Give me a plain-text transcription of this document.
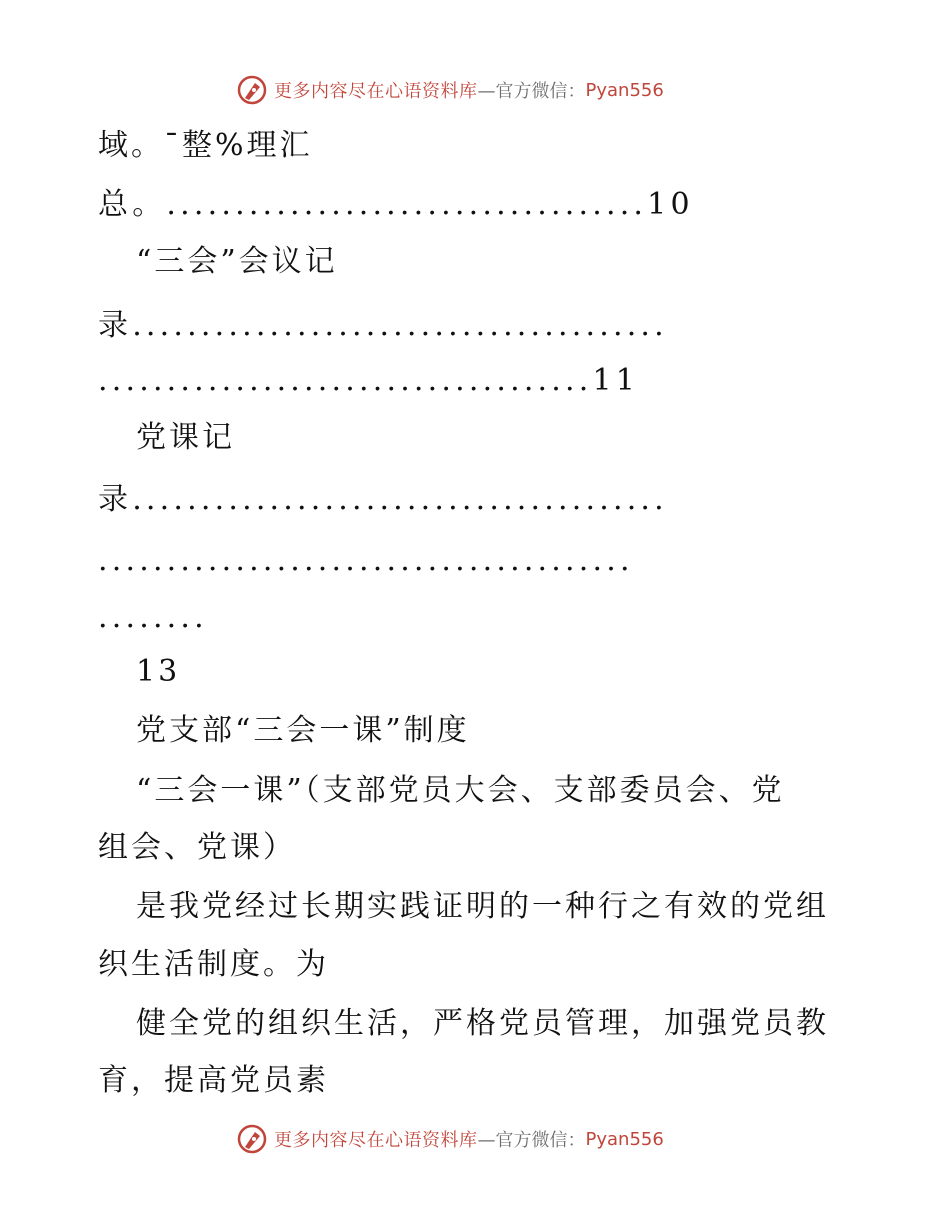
更多内容尽在心语资料库 —官方微信： Pyan556
域。¯整%理汇
总。...................................10
“三会”会议记
录.......................................
....................................11
党课记
录.......................................
.......................................
........
13
党支部“三会一课”制度
“三会一课”（支部党员大会、支部委员会、党
组会、党课）
是我党经过长期实践证明的一种行之有效的党组
织生活制度。为
健全党的组织生活，严格党员管理，加强党员教
育，提高党员素
更多内容尽在心语资料库 —官方微信： Pyan556
